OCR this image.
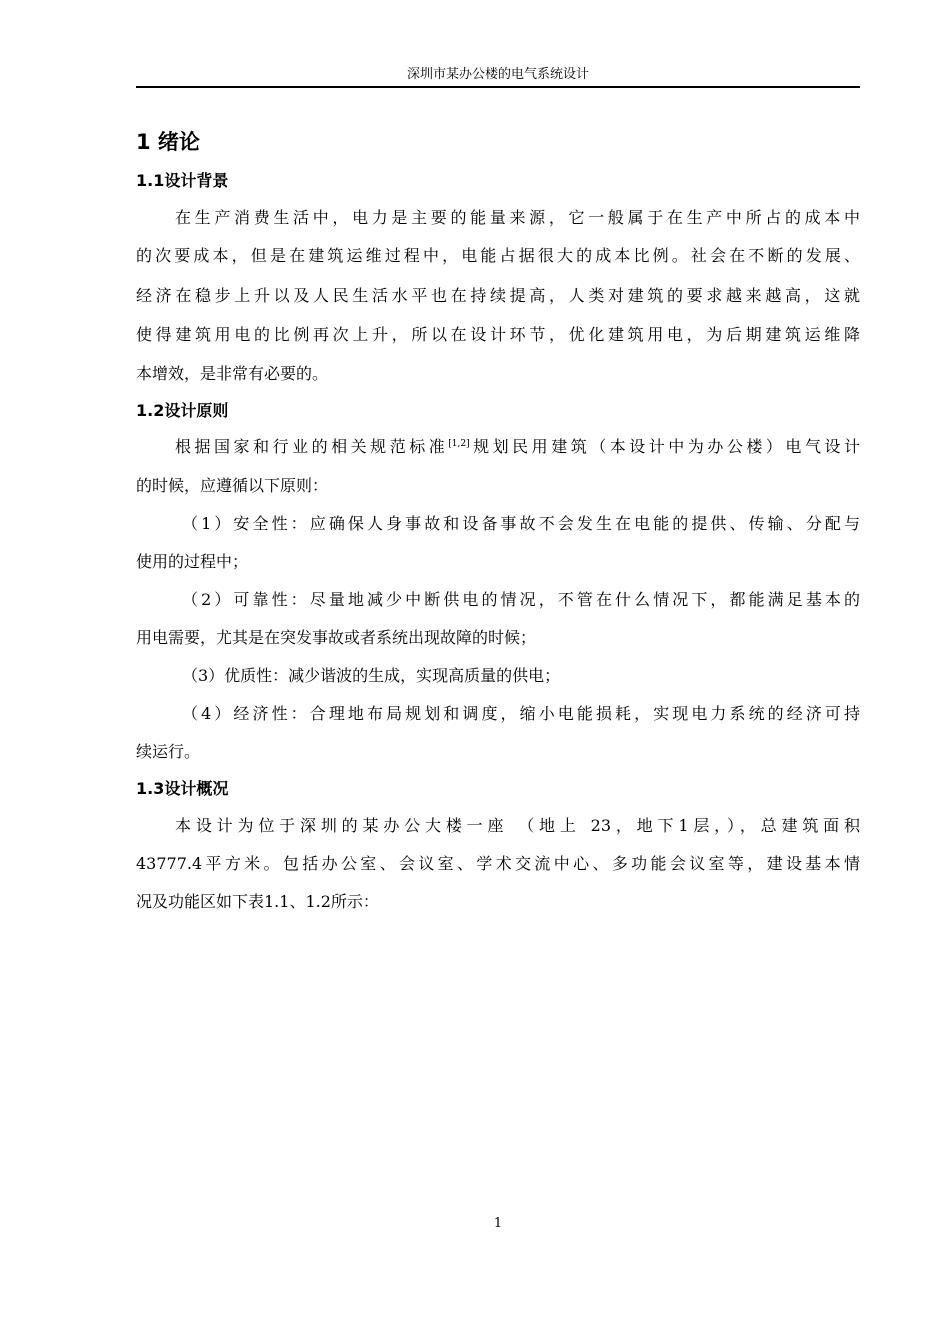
深圳市某办公楼的电气系统设计
1 绪论
1.1设计背景
在生产消费生活中，电力是主要的能量来源，它一般属于在生产中所占的成本中
的次要成本，但是在建筑运维过程中，电能占据很大的成本比例。社会在不断的发展、
经济在稳步上升以及人民生活水平也在持续提高，人类对建筑的要求越来越高，这就
使得建筑用电的比例再次上升，所以在设计环节，优化建筑用电，为后期建筑运维降
本增效，是非常有必要的。
1.2设计原则
根据国家和行业的相关规范标准[1,2]规划民用建筑（本设计中为办公楼）电气设计
的时候，应遵循以下原则：
（1）安全性：应确保人身事故和设备事故不会发生在电能的提供、传输、分配与
使用的过程中；
（2）可靠性：尽量地减少中断供电的情况，不管在什么情况下，都能满足基本的
用电需要，尤其是在突发事故或者系统出现故障的时候；
（3）优质性：减少谐波的生成，实现高质量的供电；
（4）经济性：合理地布局规划和调度，缩小电能损耗，实现电力系统的经济可持
续运行。
1.3设计概况
本设计为位于深圳的某办公大楼一座 （地上 23，地下1层，），总建筑面积
43777.4平方米。包括办公室、会议室、学术交流中心、多功能会议室等，建设基本情
况及功能区如下表1.1、1.2所示：
1
